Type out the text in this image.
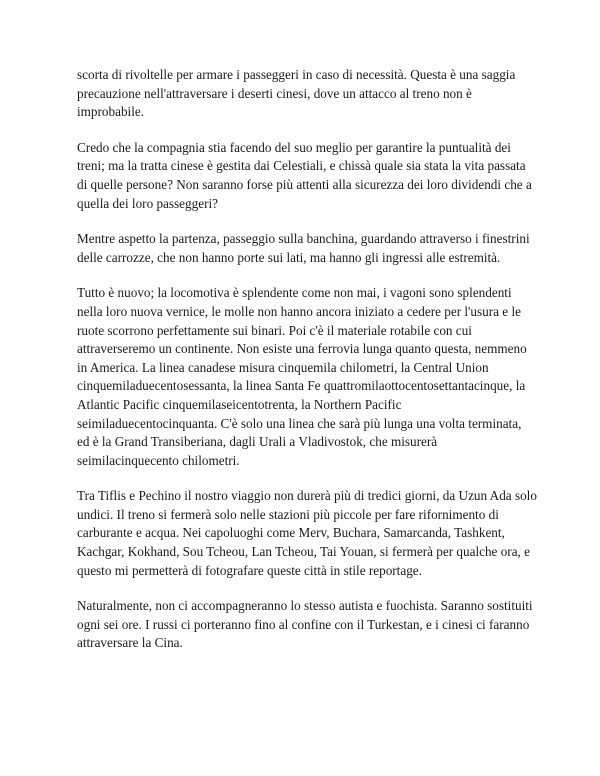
scorta di rivoltelle per armare i passeggeri in caso di necessità. Questa è una saggia precauzione nell'attraversare i deserti cinesi, dove un attacco al treno non è improbabile.

Credo che la compagnia stia facendo del suo meglio per garantire la puntualità dei treni; ma la tratta cinese è gestita dai Celestiali, e chissà quale sia stata la vita passata di quelle persone? Non saranno forse più attenti alla sicurezza dei loro dividendi che a quella dei loro passeggeri?

Mentre aspetto la partenza, passeggio sulla banchina, guardando attraverso i finestrini delle carrozze, che non hanno porte sui lati, ma hanno gli ingressi alle estremità.

Tutto è nuovo; la locomotiva è splendente come non mai, i vagoni sono splendenti nella loro nuova vernice, le molle non hanno ancora iniziato a cedere per l'usura e le ruote scorrono perfettamente sui binari. Poi c'è il materiale rotabile con cui attraverseremo un continente. Non esiste una ferrovia lunga quanto questa, nemmeno in America. La linea canadese misura cinquemila chilometri, la Central Union cinquemiladuecentosessanta, la linea Santa Fe quattromilaottocentosettantacinque, la Atlantic Pacific cinquemilaseicentotrenta, la Northern Pacific seimiladuecentocinquanta. C'è solo una linea che sarà più lunga una volta terminata, ed è la Grand Transiberiana, dagli Urali a Vladivostok, che misurerà seimilacinquecento chilometri.

Tra Tiflis e Pechino il nostro viaggio non durerà più di tredici giorni, da Uzun Ada solo undici. Il treno si fermerà solo nelle stazioni più piccole per fare rifornimento di carburante e acqua. Nei capoluoghi come Merv, Buchara, Samarcanda, Tashkent, Kachgar, Kokhand, Sou Tcheou, Lan Tcheou, Tai Youan, si fermerà per qualche ora, e questo mi permetterà di fotografare queste città in stile reportage.

Naturalmente, non ci accompagneranno lo stesso autista e fuochista. Saranno sostituiti ogni sei ore. I russi ci porteranno fino al confine con il Turkestan, e i cinesi ci faranno attraversare la Cina.
